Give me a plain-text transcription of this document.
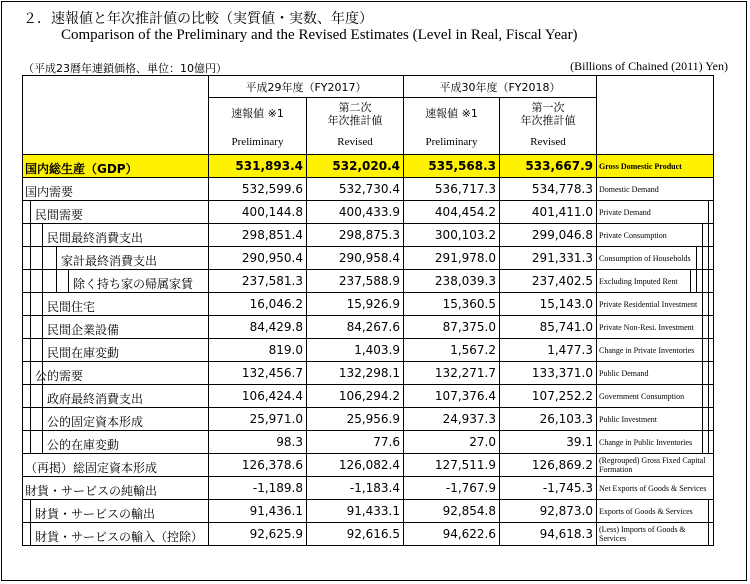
２．速報値と年次推計値の比較（実質値・実数、年度）
Comparison of the Preliminary and the Revised Estimates (Level in Real, Fiscal Year)
（平成23暦年連鎖価格、単位：10億円）	(Billions of Chained (2011) Yen)
	平成29年度（FY2017）		平成30年度（FY2018）		
	速報値 ※1	第二次
年次推計値	速報値 ※1	第一次
年次推計値	
	Preliminary	Revised	Preliminary	Revised	

国内総生産（GDP）	531,893.4	532,020.4	535,568.3	533,667.9	Gross Domestic Product

国内需要	532,599.6	532,730.4	536,717.3	534,778.3	Domestic Demand

民間需要	400,144.8	400,433.9	404,454.2	401,411.0	Private Demand

民間最終消費支出	298,851.4	298,875.3	300,103.2	299,046.8	Private Consumption

家計最終消費支出	290,950.4	290,958.4	291,978.0	291,331.3	Consumption of Households

除く持ち家の帰属家賃	237,581.3	237,588.9	238,039.3	237,402.5	Excluding Imputed Rent

民間住宅	16,046.2	15,926.9	15,360.5	15,143.0	Private Residential Investment

民間企業設備	84,429.8	84,267.6	87,375.0	85,741.0	Private Non-Resi. Investment

民間在庫変動	819.0	1,403.9	1,567.2	1,477.3	Change in Private Inventories

公的需要	132,456.7	132,298.1	132,271.7	133,371.0	Public Demand

政府最終消費支出	106,424.4	106,294.2	107,376.4	107,252.2	Government Consumption

公的固定資本形成	25,971.0	25,956.9	24,937.3	26,103.3	Public Investment

公的在庫変動	98.3	77.6	27.0	39.1	Change in Public Inventories

（再掲）総固定資本形成	126,378.6	126,082.4	127,511.9	126,869.2	(Regrouped) Gross Fixed Capital Formation

財貨・サービスの純輸出	-1,189.8	-1,183.4	-1,767.9	-1,745.3	Net Exports of Goods & Services

財貨・サービスの輸出	91,436.1	91,433.1	92,854.8	92,873.0	Exports of Goods & Services

財貨・サービスの輸入（控除）	92,625.9	92,616.5	94,622.6	94,618.3	(Less) Imports of Goods & Services
